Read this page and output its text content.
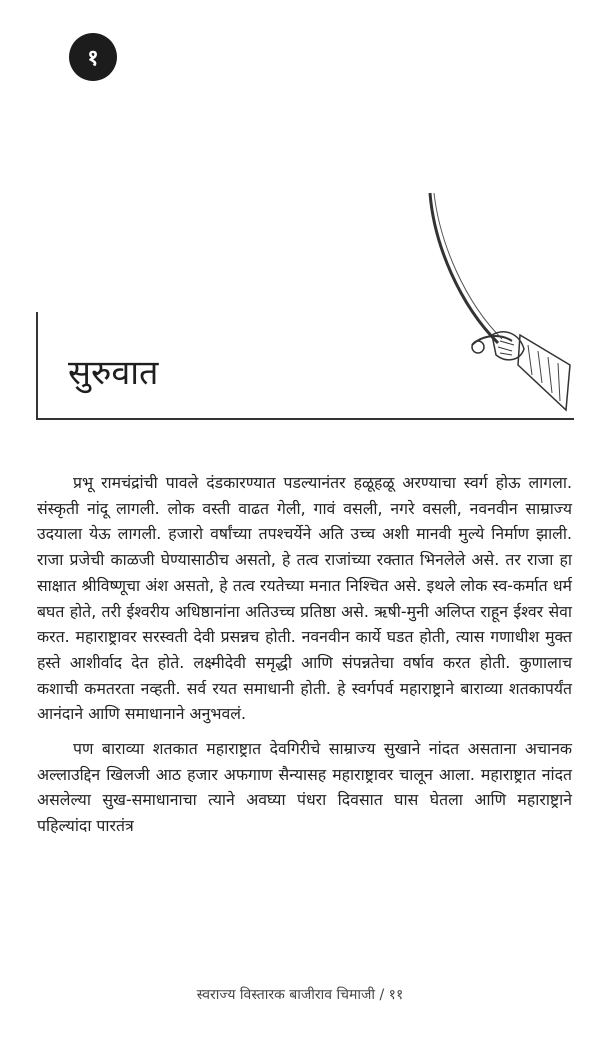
१
सुरुवात

प्रभू रामचंद्रांची पावले दंडकारण्यात पडल्यानंतर हळूहळू अरण्याचा स्वर्ग होऊ लागला. संस्कृती नांदू लागली. लोक वस्ती वाढत गेली, गावं वसली, नगरे वसली, नवनवीन साम्राज्य उदयाला येऊ लागली. हजारो वर्षांच्या तपश्चर्येने अति उच्च अशी मानवी मुल्ये निर्माण झाली. राजा प्रजेची काळजी घेण्यासाठीच असतो, हे तत्व राजांच्या रक्तात भिनलेले असे. तर राजा हा साक्षात श्रीविष्णूचा अंश असतो, हे तत्व रयतेच्या मनात निश्चित असे. इथले लोक स्व-कर्मात धर्म बघत होते, तरी ईश्वरीय अधिष्ठानांना अतिउच्च प्रतिष्ठा असे. ऋषी-मुनी अलिप्त राहून ईश्वर सेवा करत. महाराष्ट्रावर सरस्वती देवी प्रसन्नच होती. नवनवीन कार्ये घडत होती, त्यास गणाधीश मुक्त हस्ते आशीर्वाद देत होते. लक्ष्मीदेवी समृद्धी आणि संपन्नतेचा वर्षाव करत होती. कुणालाच कशाची कमतरता नव्हती. सर्व रयत समाधानी होती. हे स्वर्गपर्व महाराष्ट्राने बाराव्या शतकापर्यंत आनंदाने आणि समाधानाने अनुभवलं.

पण बाराव्या शतकात महाराष्ट्रात देवगिरीचे साम्राज्य सुखाने नांदत असताना अचानक अल्लाउद्दिन खिलजी आठ हजार अफगाण सैन्यासह महाराष्ट्रावर चालून आला. महाराष्ट्रात नांदत असलेल्या सुख-समाधानाचा त्याने अवघ्या पंधरा दिवसात घास घेतला आणि महाराष्ट्राने पहिल्यांदा पारतंत्र

स्वराज्य विस्तारक बाजीराव चिमाजी / ११
